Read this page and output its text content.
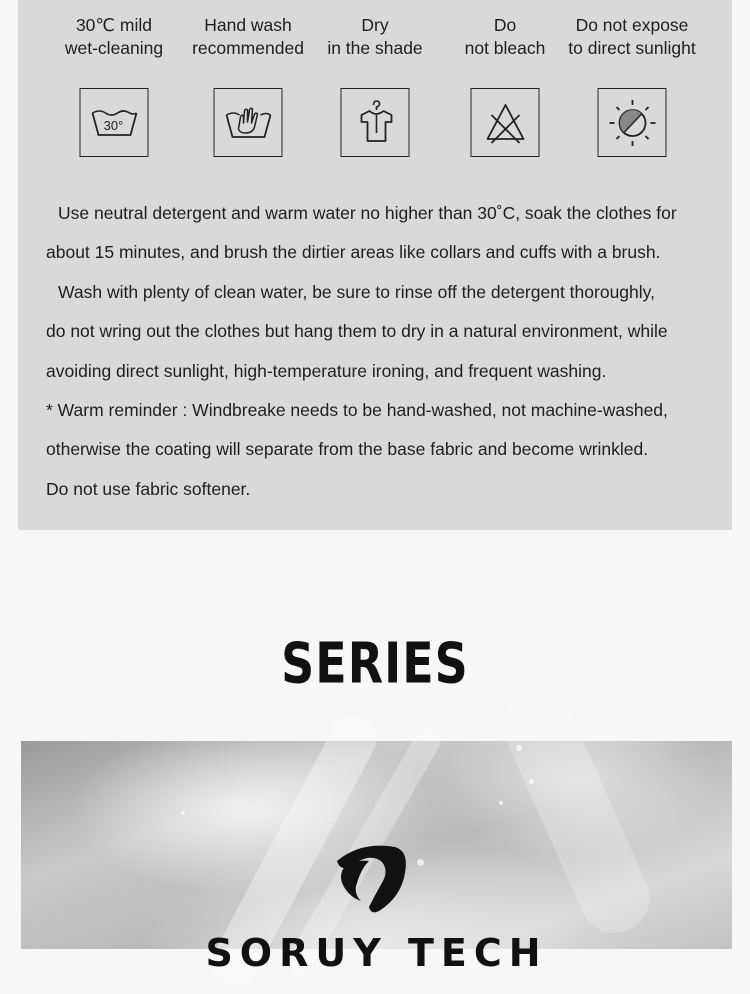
30℃ mild
wet-cleaning
30°
Hand wash
recommended
Dry
in the shade
Do
not bleach
Do not expose
to direct sunlight

Use neutral detergent and warm water no higher than 30˚C, soak the clothes for

about 15 minutes, and brush the dirtier areas like collars and cuffs with a brush.

Wash with plenty of clean water, be sure to rinse off the detergent thoroughly,

do not wring out the clothes but hang them to dry in a natural environment, while

avoiding direct sunlight, high-temperature ironing, and frequent washing.

* Warm reminder : Windbreake needs to be hand-washed, not machine-washed,

otherwise the coating will separate from the base fabric and become wrinkled.

Do not use fabric softener.

SERIES
SORUY TECH
